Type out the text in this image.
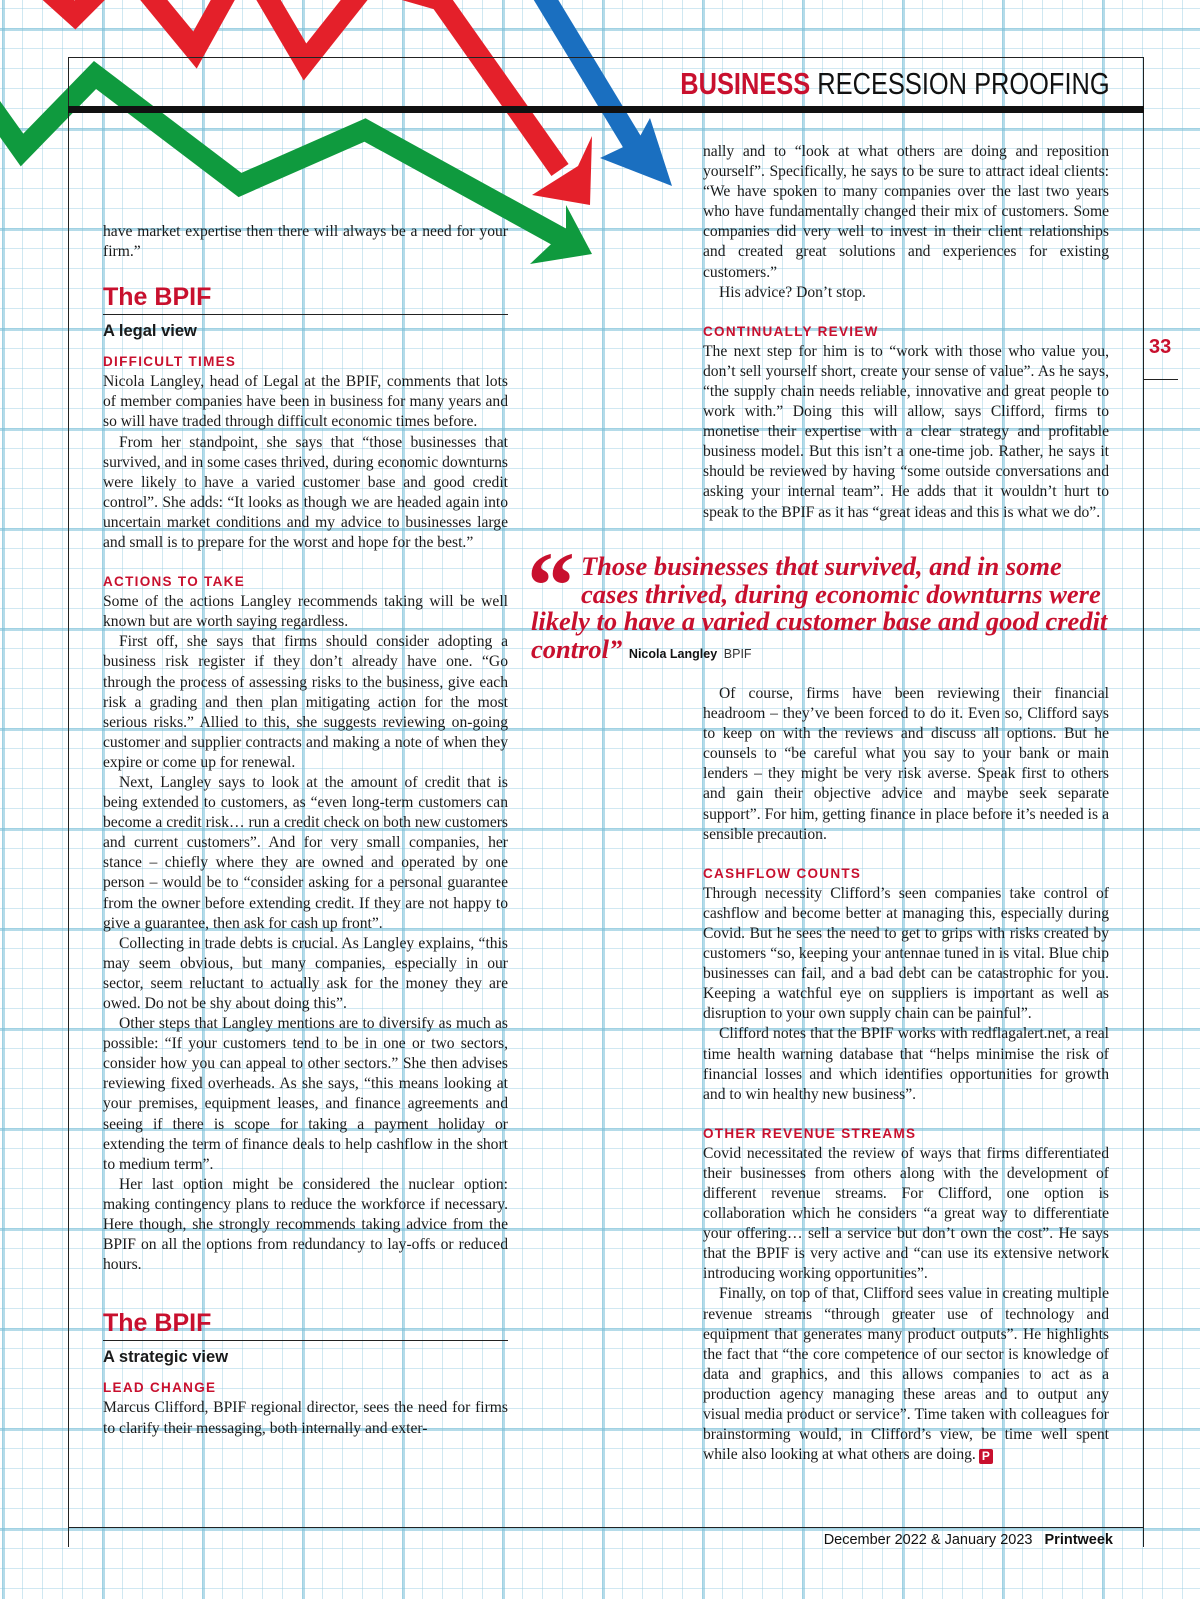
BUSINESS RECESSION PROOFING
33

have market expertise then there will always be a need for your firm.”

The BPIF
A legal view
DIFFICULT TIMES

Nicola Langley, head of Legal at the BPIF, comments that lots of member companies have been in business for many years and so will have traded through difficult economic times before.

From her standpoint, she says that “those businesses that survived, and in some cases thrived, during economic downturns were likely to have a varied customer base and good credit control”. She adds: “It looks as though we are headed again into uncertain market conditions and my advice to businesses large and small is to prepare for the worst and hope for the best.”

ACTIONS TO TAKE

Some of the actions Langley recommends taking will be well known but are worth saying regardless.

First off, she says that firms should consider adopting a business risk register if they don’t already have one. “Go through the process of assessing risks to the business, give each risk a grading and then plan mitigating action for the most serious risks.” Allied to this, she suggests reviewing on-going customer and supplier contracts and making a note of when they expire or come up for renewal.

Next, Langley says to look at the amount of credit that is being extended to customers, as “even long-term customers can become a credit risk… run a credit check on both new customers and current customers”. And for very small companies, her stance – chiefly where they are owned and operated by one person – would be to “consider asking for a personal guarantee from the owner before extending credit. If they are not happy to give a guarantee, then ask for cash up front”.

Collecting in trade debts is crucial. As Langley explains, “this may seem obvious, but many companies, especially in our sector, seem reluctant to actually ask for the money they are owed. Do not be shy about doing this”.

Other steps that Langley mentions are to diversify as much as possible: “If your customers tend to be in one or two sectors, consider how you can appeal to other sectors.” She then advises reviewing fixed overheads. As she says, “this means looking at your premises, equipment leases, and finance agreements and seeing if there is scope for taking a payment holiday or extending the term of finance deals to help cashflow in the short to medium term”.

Her last option might be considered the nuclear option: making contingency plans to reduce the workforce if necessary. Here though, she strongly recommends taking advice from the BPIF on all the options from redundancy to lay-offs or reduced hours.

The BPIF
A strategic view
LEAD CHANGE

Marcus Clifford, BPIF regional director, sees the need for firms to clarify their messaging, both internally and exter-

nally and to “look at what others are doing and reposition yourself”. Specifically, he says to be sure to attract ideal clients: “We have spoken to many companies over the last two years who have fundamentally changed their mix of customers. Some companies did very well to invest in their client relationships and created great solutions and experiences for existing customers.”

His advice? Don’t stop.

CONTINUALLY REVIEW

The next step for him is to “work with those who value you, don’t sell yourself short, create your sense of value”. As he says, “the supply chain needs reliable, innovative and great people to work with.” Doing this will allow, says Clifford, firms to monetise their expertise with a clear strategy and profitable business model. But this isn’t a one-time job. Rather, he says it should be reviewed by having “some outside conversations and asking your internal team”. He adds that it wouldn’t hurt to speak to the BPIF as it has “great ideas and this is what we do”.

“ Those businesses that survived, and in some cases thrived, during economic downturns were likely to have a varied customer base and good credit control” Nicola Langley BPIF

Of course, firms have been reviewing their financial headroom – they’ve been forced to do it. Even so, Clifford says to keep on with the reviews and discuss all options. But he counsels to “be careful what you say to your bank or main lenders – they might be very risk averse. Speak first to others and gain their objective advice and maybe seek separate support”. For him, getting finance in place before it’s needed is a sensible precaution.

CASHFLOW COUNTS

Through necessity Clifford’s seen companies take control of cashflow and become better at managing this, especially during Covid. But he sees the need to get to grips with risks created by customers “so, keeping your antennae tuned in is vital. Blue chip businesses can fail, and a bad debt can be catastrophic for you. Keeping a watchful eye on suppliers is important as well as disruption to your own supply chain can be painful”.

Clifford notes that the BPIF works with redflagalert.net, a real time health warning database that “helps minimise the risk of financial losses and which identifies opportunities for growth and to win healthy new business”.

OTHER REVENUE STREAMS

Covid necessitated the review of ways that firms differentiated their businesses from others along with the development of different revenue streams. For Clifford, one option is collaboration which he considers “a great way to differentiate your offering… sell a service but don’t own the cost”. He says that the BPIF is very active and “can use its extensive network introducing working opportunities”.

Finally, on top of that, Clifford sees value in creating multiple revenue streams “through greater use of technology and equipment that generates many product outputs”. He highlights the fact that “the core competence of our sector is knowledge of data and graphics, and this allows companies to act as a production agency managing these areas and to output any visual media product or service”. Time taken with colleagues for brainstorming would, in Clifford’s view, be time well spent while also looking at what others are doing. P

December 2022 & January 2023 Printweek
